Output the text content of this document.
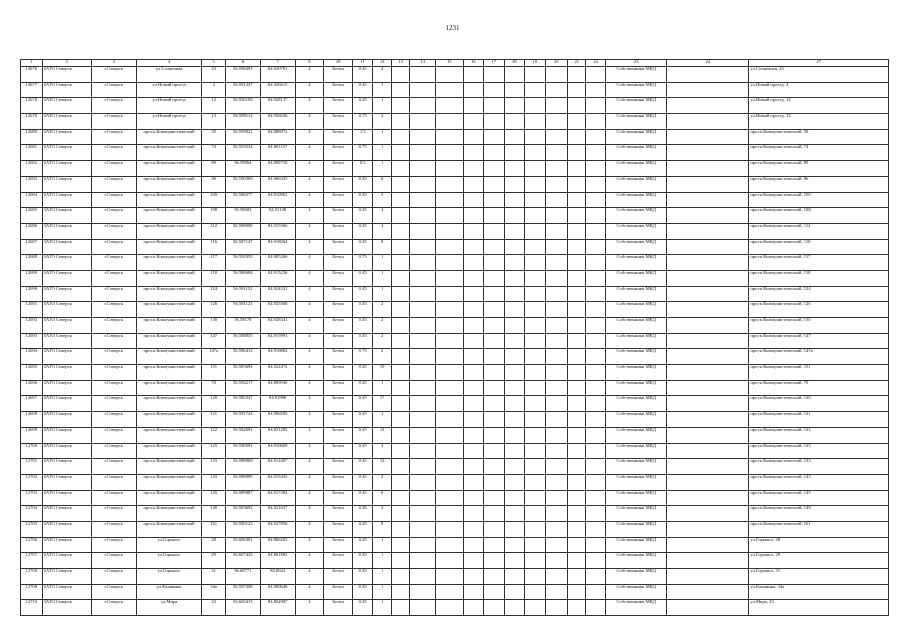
1231
1	2	3	4	5	6	7	8	10	11	12	13	14	15	16	17	18	19	20	21	22	23	24	27
12676	ЗАТО Северск	г.Северск	ул.Солнечная	23	56.598491	84.920781	4	Бетон	0.45	4											Собственники МКД		ул.Солнечная, 23
12677	ЗАТО Северск	г.Северск	ул.Новый проезд	4	56.591247	84.926615	4	Бетон	0.45	1											Собственники МКД		ул.Новый проезд, 4
12678	ЗАТО Северск	г.Северск	ул.Новый проезд	12	56.590109	84.928137	4	Бетон	0.45	1											Собственники МКД		ул.Новый проезд, 12
12679	ЗАТО Северск	г.Северск	ул.Новый проезд	13	56.589114	84.926636	4	Бетон	0.75	2											Собственники МКД		ул.Новый проезд, 13
12680	ЗАТО Северск	г.Северск	просп.Коммунистический	50	56.599021	84.888872	4	Бетон	1.5	1											Собственники МКД		просп.Коммунистический, 50
12681	ЗАТО Северск	г.Северск	просп.Коммунистический	74	56.593534	84.901157	4	Бетон	0.75	1											Собственники МКД		просп.Коммунистический, 74
12682	ЗАТО Северск	г.Северск	просп.Коммунистический	89	56.59064	84.898758	4	Бетон	0.5	1											Собственники МКД		просп.Коммунистический, 89
12683	ЗАТО Северск	г.Северск	просп.Коммунистический	96	56.590369	84.906335	4	Бетон	0.45	6											Собственники МКД		просп.Коммунистический, 96
12684	ЗАТО Северск	г.Северск	просп.Коммунистический	100	56.588377	84.910962	4	Бетон	0.45	5											Собственники МКД		просп.Коммунистический, 100
12685	ЗАТО Северск	г.Северск	просп.Коммунистический	108	56.58683	84.91148	4	Бетон	0.45	4											Собственники МКД		просп.Коммунистический, 108
12686	ЗАТО Северск	г.Северск	просп.Коммунистический	112	56.588008	84.915566	4	Бетон	0.45	4											Собственники МКД		просп.Коммунистический, 112
12687	ЗАТО Северск	г.Северск	просп.Коммунистический	116	56.587147	84.918064	4	Бетон	0.45	8											Собственники МКД		просп.Коммунистический, 116
12688	ЗАТО Северск	г.Северск	просп.Коммунистический	117	56.592355	84.905266	4	Бетон	0.75	1											Собственники МКД		просп.Коммунистический, 117
12689	ЗАТО Северск	г.Северск	просп.Коммунистический	118	56.586684	84.915236	4	Бетон	0.45	1											Собственники МКД		просп.Коммунистический, 118
12690	ЗАТО Северск	г.Северск	просп.Коммунистический	124	56.581152	84.924321	4	Бетон	0.45	1											Собственники МКД		просп.Коммунистический, 124
12691	ЗАТО Северск	г.Северск	просп.Коммунистический	126	56.581123	84.925568	4	Бетон	0.45	2											Собственники МКД		просп.Коммунистический, 126
12692	ЗАТО Северск	г.Северск	просп.Коммунистический	130	56.58178	84.928341	4	Бетон	0.45	2											Собственники МКД		просп.Коммунистический, 130
12693	ЗАТО Северск	г.Северск	просп.Коммунистический	147	56.588855	84.915991	4	Бетон	0.45	2											Собственники МКД		просп.Коммунистический, 147
12694	ЗАТО Северск	г.Северск	просп.Коммунистический	147а	56.586413	84.916802	4	Бетон	0.75	2											Собственники МКД		просп.Коммунистический, 147а
12695	ЗАТО Северск	г.Северск	просп.Коммунистический	151	56.585694	84.922472	4	Бетон	0.45	19											Собственники МКД		просп.Коммунистический, 151
12696	ЗАТО Северск	г.Северск	просп.Коммунистический	70	56.594217	84.899936	4	Бетон	0.45	1											Собственники МКД		просп.Коммунистический, 70
12697	ЗАТО Северск	г.Северск	просп.Коммунистический	120	56.585347	84.91998	4	Бетон	0.45	17											Собственники МКД		просп.Коммунистический, 120
12698	ЗАТО Северск	г.Северск	просп.Коммунистический	121	56.591724	84.906505	4	Бетон	0.45	1											Собственники МКД		просп.Коммунистический, 121
12699	ЗАТО Северск	г.Северск	просп.Коммунистический	122	56.582691	84.921205	4	Бетон	0.45	12											Собственники МКД		просп.Коммунистический, 122
12700	ЗАТО Северск	г.Северск	просп.Коммунистический	125	56.590591	84.910669	4	Бетон	0.45	4											Собственники МКД		просп.Коммунистический, 125
12701	ЗАТО Северск	г.Северск	просп.Коммунистический	133	56.588969	84.912407	4	Бетон	0.45	12											Собственники МКД		просп.Коммунистический, 133
12702	ЗАТО Северск	г.Северск	просп.Коммунистический	143	56.588989	84.915443	4	Бетон	0.45	2											Собственники МКД		просп.Коммунистический, 143
12703	ЗАТО Северск	г.Северск	просп.Коммунистический	145	56.589087	84.917284	4	Бетон	0.45	6											Собственники МКД		просп.Коммунистический, 145
12704	ЗАТО Северск	г.Северск	просп.Коммунистический	149	56.583692	84.921637	4	Бетон	0.36	3											Собственники МКД		просп.Коммунистический, 149
12705	ЗАТО Северск	г.Северск	просп.Коммунистический	161	56.580123	84.927956	4	Бетон	0.45	8											Собственники МКД		просп.Коммунистический, 161
12706	ЗАТО Северск	г.Северск	ул.Горького	28	56.606301	84.866203	4	Бетон	0.45	1											Собственники МКД		ул.Горького, 28
12707	ЗАТО Северск	г.Северск	ул.Горького	29	56.607423	84.861882	4	Бетон	0.45	1											Собственники МКД		ул.Горького, 29
12708	ЗАТО Северск	г.Северск	ул.Горького	31	56.60771	84.8624	4	Бетон	0.45	1											Собственники МКД		ул.Горького, 31
12709	ЗАТО Северск	г.Северск	ул.Калинина	34а	56.597308	84.900649	4	Бетон	0.45	1											Собственники МКД		ул.Калинина, 34а
12710	ЗАТО Северск	г.Северск	ул.Мира	23	56.605413	84.864907	4	Бетон	0.45	1											Собственники МКД		ул.Мира, 23
